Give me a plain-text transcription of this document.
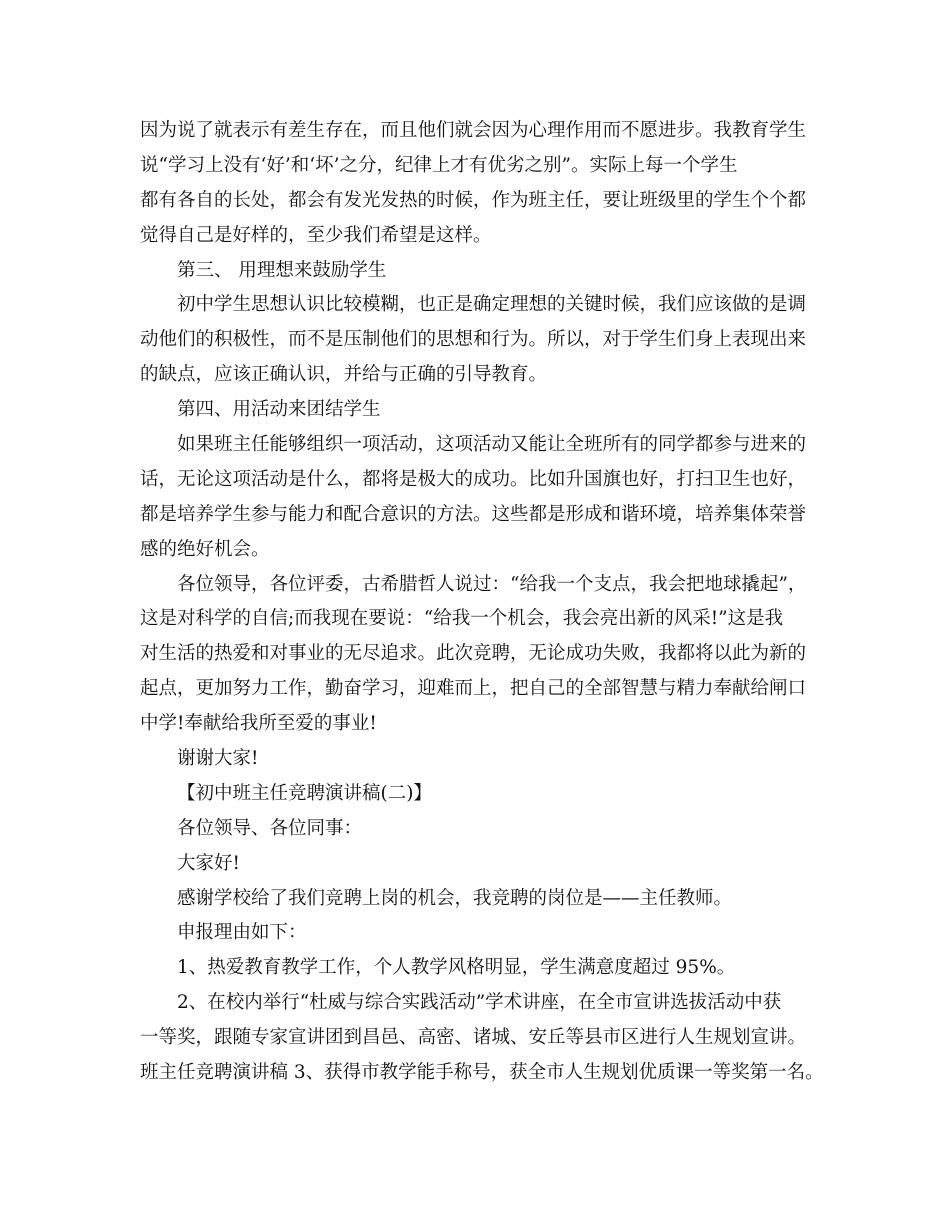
因为说了就表示有差生存在，而且他们就会因为心理作用而不愿进步。我教育学生
说“学习上没有‘好’和‘坏’之分，纪律上才有优劣之别”。实际上每一个学生
都有各自的长处，都会有发光发热的时候，作为班主任，要让班级里的学生个个都
觉得自己是好样的，至少我们希望是这样。
第三、 用理想来鼓励学生
初中学生思想认识比较模糊，也正是确定理想的关键时候，我们应该做的是调
动他们的积极性，而不是压制他们的思想和行为。所以，对于学生们身上表现出来
的缺点，应该正确认识，并给与正确的引导教育。
第四、用活动来团结学生
如果班主任能够组织一项活动，这项活动又能让全班所有的同学都参与进来的
话，无论这项活动是什么，都将是极大的成功。比如升国旗也好，打扫卫生也好，
都是培养学生参与能力和配合意识的方法。这些都是形成和谐环境，培养集体荣誉
感的绝好机会。
各位领导，各位评委，古希腊哲人说过：“给我一个支点，我会把地球撬起”，
这是对科学的自信;而我现在要说：“给我一个机会，我会亮出新的风采!”这是我
对生活的热爱和对事业的无尽追求。此次竞聘，无论成功失败，我都将以此为新的
起点，更加努力工作，勤奋学习，迎难而上，把自己的全部智慧与精力奉献给闸口
中学!奉献给我所至爱的事业!
谢谢大家!
【初中班主任竞聘演讲稿(二)】
各位领导、各位同事：
大家好!
感谢学校给了我们竞聘上岗的机会，我竞聘的岗位是——主任教师。
申报理由如下：
1、热爱教育教学工作，个人教学风格明显，学生满意度超过 95%。
2、在校内举行“杜威与综合实践活动”学术讲座，在全市宣讲选拔活动中获
一等奖，跟随专家宣讲团到昌邑、高密、诸城、安丘等县市区进行人生规划宣讲。
班主任竞聘演讲稿 3、获得市教学能手称号，获全市人生规划优质课一等奖第一名。
